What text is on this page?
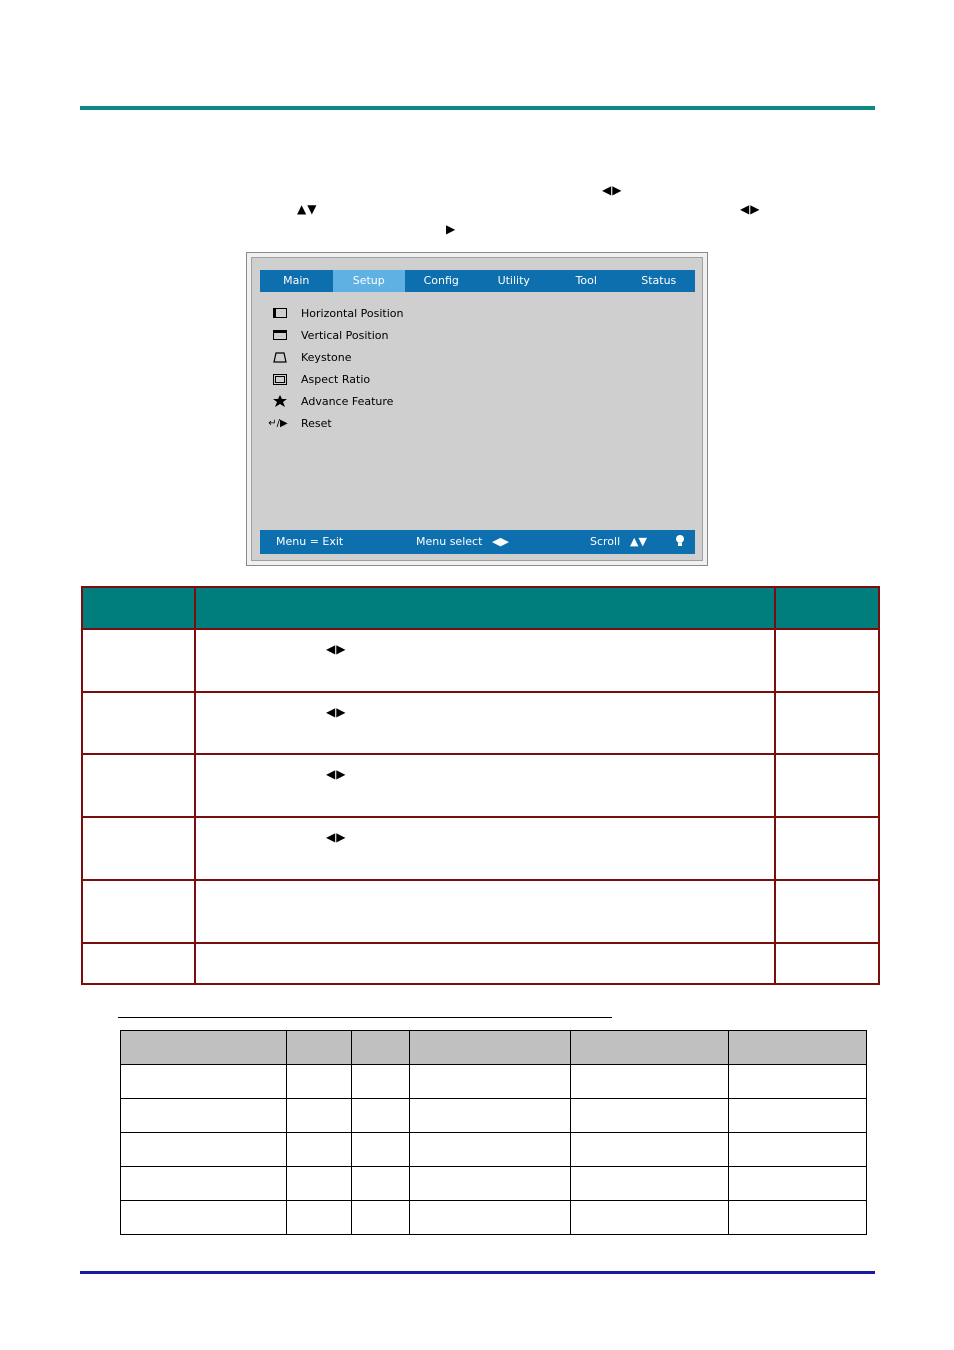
◀▶
▲▼	◀▶
▶
Main	Setup	Config	Utility	Tool	Status
Horizontal Position
Vertical Position
Keystone
Aspect Ratio
Advance Feature
↵/▶	Reset
Menu = Exit	Menu select ◀▶	Scroll ▲▼

	◀▶	

	◀▶	

	◀▶	

	◀▶	
